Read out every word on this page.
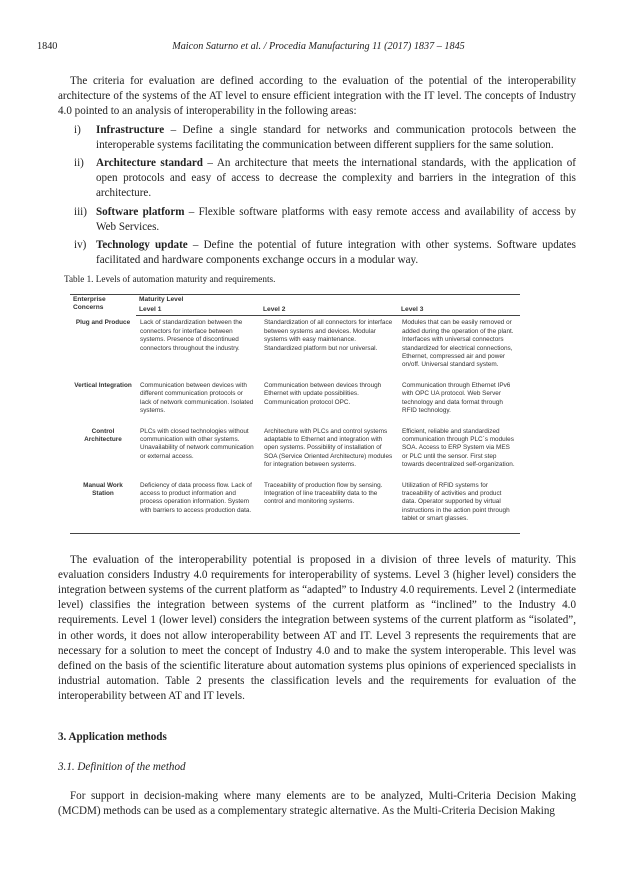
1840	Maicon Saturno et al. / Procedia Manufacturing 11 (2017) 1837 – 1845

The criteria for evaluation are defined according to the evaluation of the potential of the interoperability architecture of the systems of the AT level to ensure efficient integration with the IT level. The concepts of Industry 4.0 pointed to an analysis of interoperability in the following areas:

i) Infrastructure – Define a single standard for networks and communication protocols between the interoperable systems facilitating the communication between different suppliers for the same solution.
ii) Architecture standard – An architecture that meets the international standards, with the application of open protocols and easy of access to decrease the complexity and barriers in the integration of this architecture.
iii) Software platform – Flexible software platforms with easy remote access and availability of access by Web Services.
iv) Technology update – Define the potential of future integration with other systems. Software updates facilitated and hardware components exchange occurs in a modular way.
Table 1. Levels of automation maturity and requirements.
Enterprise Concerns	Maturity Level		
	Level 1	Level 2	Level 3
Plug and Produce	Lack of standardization between the connectors for interface between systems. Presence of discontinued connectors throughout the industry.	Standardization of all connectors for interface between systems and devices. Modular systems with easy maintenance. Standardized platform but nor universal.	Modules that can be easily removed or added during the operation of the plant. Interfaces with universal connectors standardized for electrical connections, Ethernet, compressed air and power on/off. Universal standard system.
Vertical Integration	Communication between devices with different communication protocols or lack of network communication. Isolated systems.	Communication between devices through Ethernet with update possibilities. Communication protocol OPC.	Communication through Ethernet IPv6 with OPC UA protocol. Web Server technology and data format through RFID technology.
Control Architecture	PLCs with closed technologies without communication with other systems. Unavailability of network communication or external access.	Architecture with PLCs and control systems adaptable to Ethernet and integration with open systems. Possibility of installation of SOA (Service Oriented Architecture) modules for integration between systems.	Efficient, reliable and standardized communication through PLC´s modules SOA. Access to ERP System via MES or PLC until the sensor. First step towards decentralized self-organization.
Manual Work Station	Deficiency of data process flow. Lack of access to product information and process operation information. System with barriers to access production data.	Traceability of production flow by sensing. Integration of line traceability data to the control and monitoring systems.	Utilization of RFID systems for traceability of activities and product data. Operator supported by virtual instructions in the action point through tablet or smart glasses.

The evaluation of the interoperability potential is proposed in a division of three levels of maturity. This evaluation considers Industry 4.0 requirements for interoperability of systems. Level 3 (higher level) considers the integration between systems of the current platform as “adapted” to Industry 4.0 requirements. Level 2 (intermediate level) classifies the integration between systems of the current platform as “inclined” to the Industry 4.0 requirements. Level 1 (lower level) considers the integration between systems of the current platform as “isolated”, in other words, it does not allow interoperability between AT and IT. Level 3 represents the requirements that are necessary for a solution to meet the concept of Industry 4.0 and to make the system interoperable. This level was defined on the basis of the scientific literature about automation systems plus opinions of experienced specialists in industrial automation. Table 2 presents the classification levels and the requirements for evaluation of the interoperability between AT and IT levels.

3. Application methods
3.1. Definition of the method

For support in decision-making where many elements are to be analyzed, Multi-Criteria Decision Making (MCDM) methods can be used as a complementary strategic alternative. As the Multi-Criteria Decision Making
